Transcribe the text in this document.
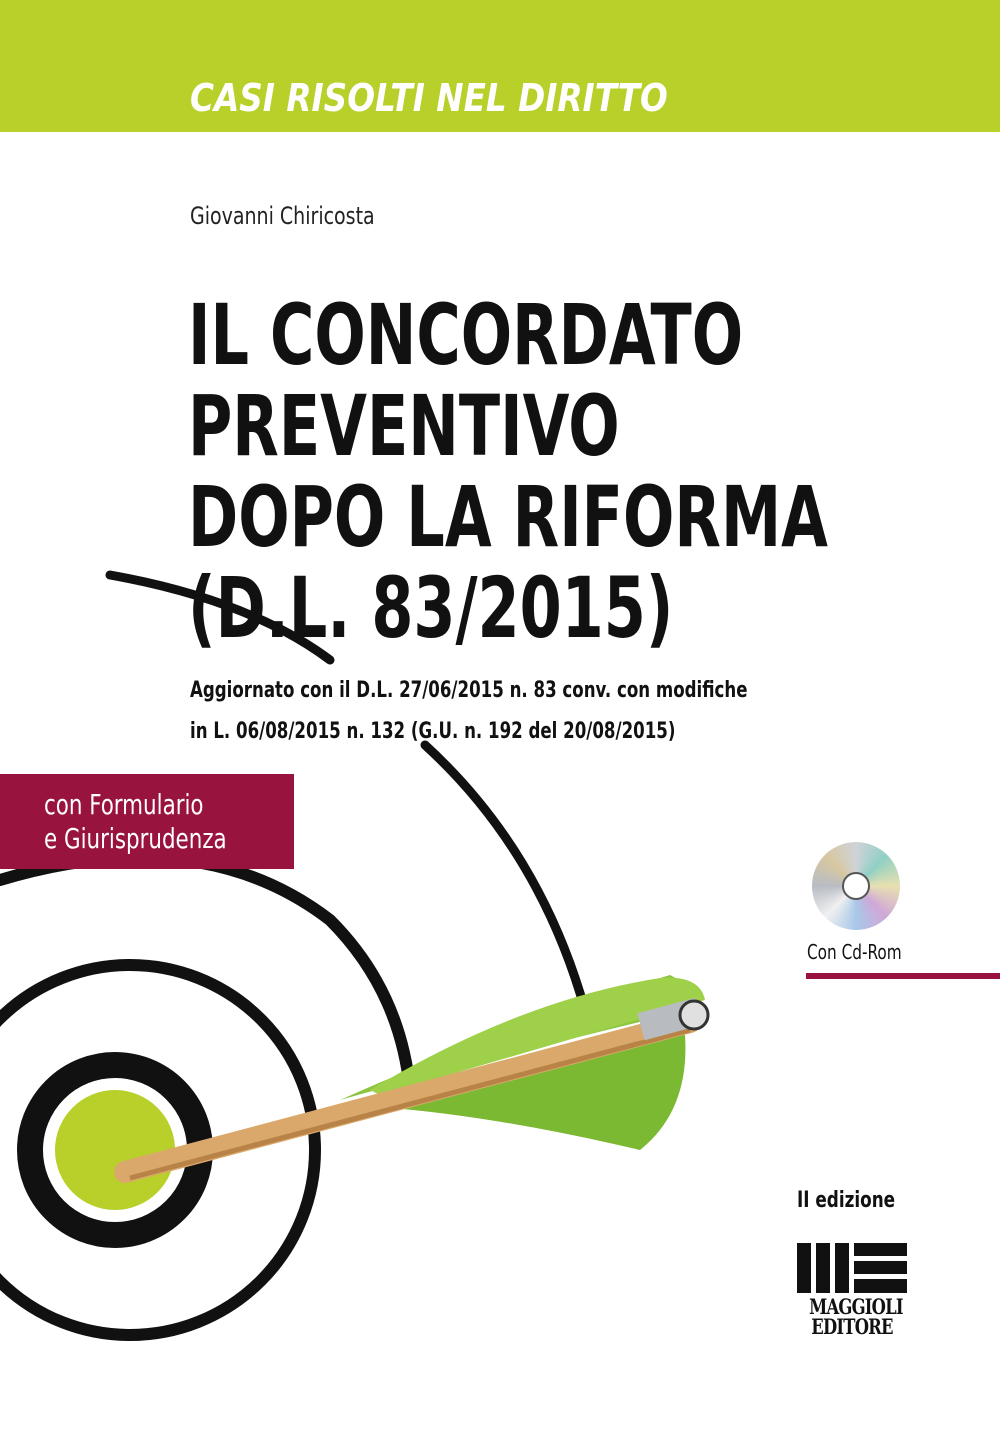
CASI RISOLTI NEL DIRITTO
Giovanni Chiricosta
IL CONCORDATO
PREVENTIVO
DOPO LA RIFORMA
(D.L. 83/2015)
Aggiornato con il D.L. 27/06/2015 n. 83 conv. con modifiche
in L. 06/08/2015 n. 132 (G.U. n. 192 del 20/08/2015)
con Formulario
e Giurisprudenza
Con Cd-Rom
II edizione
MAGGIOLI
EDITORE
